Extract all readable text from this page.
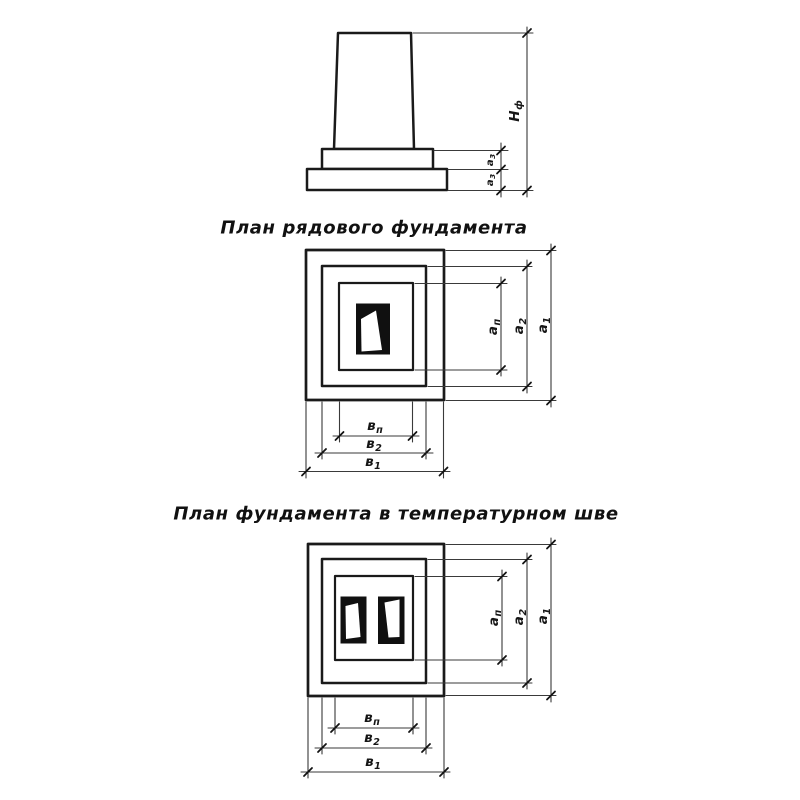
План рядового фундамента
План фундамента в температурном шве
$Н_ф$
$а_3$
$а_3$
$а_п$
$а_2$
$а_1$
$в_п$
$в_2$
$в_1$
$а_п$
$а_2$
$а_1$
$в_п$
$в_2$
$в_1$
